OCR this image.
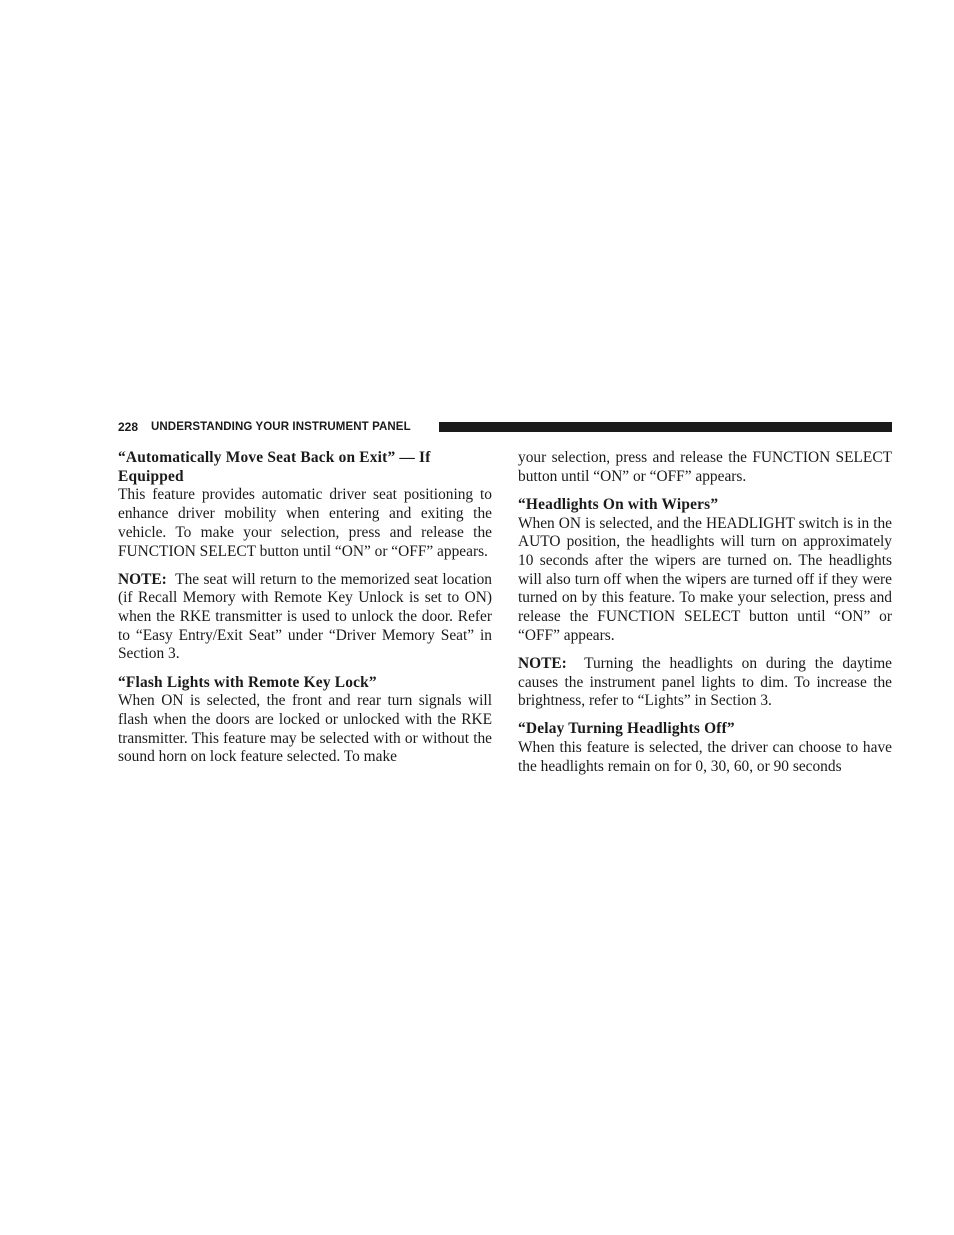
228 UNDERSTANDING YOUR INSTRUMENT PANEL
“Automatically Move Seat Back on Exit” — If Equipped

This feature provides automatic driver seat positioning to enhance driver mobility when entering and exiting the vehicle. To make your selection, press and release the FUNCTION SELECT button until “ON” or “OFF” appears.

NOTE: The seat will return to the memorized seat location (if Recall Memory with Remote Key Unlock is set to ON) when the RKE transmitter is used to unlock the door. Refer to “Easy Entry/Exit Seat” under “Driver Memory Seat” in Section 3.

“Flash Lights with Remote Key Lock”

When ON is selected, the front and rear turn signals will flash when the doors are locked or unlocked with the RKE transmitter. This feature may be selected with or without the sound horn on lock feature selected. To make

your selection, press and release the FUNCTION SELECT button until “ON” or “OFF” appears.

“Headlights On with Wipers”

When ON is selected, and the HEADLIGHT switch is in the AUTO position, the headlights will turn on approximately 10 seconds after the wipers are turned on. The headlights will also turn off when the wipers are turned off if they were turned on by this feature. To make your selection, press and release the FUNCTION SELECT button until “ON” or “OFF” appears.

NOTE: Turning the headlights on during the daytime causes the instrument panel lights to dim. To increase the brightness, refer to “Lights” in Section 3.

“Delay Turning Headlights Off”

When this feature is selected, the driver can choose to have the headlights remain on for 0, 30, 60, or 90 seconds
